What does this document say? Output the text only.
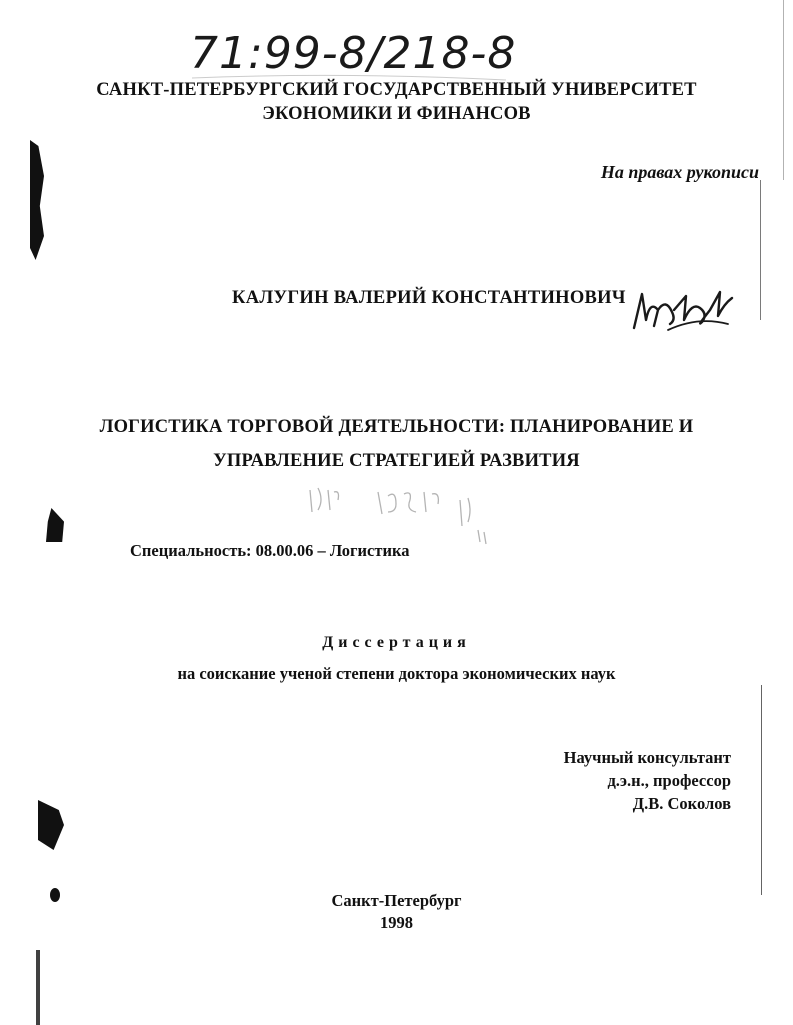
71:99-8/218-8
САНКТ-ПЕТЕРБУРГСКИЙ ГОСУДАРСТВЕННЫЙ УНИВЕРСИТЕТ
ЭКОНОМИКИ И ФИНАНСОВ
На правах рукописи
КАЛУГИН ВАЛЕРИЙ КОНСТАНТИНОВИЧ
ЛОГИСТИКА ТОРГОВОЙ ДЕЯТЕЛЬНОСТИ: ПЛАНИРОВАНИЕ И
УПРАВЛЕНИЕ СТРАТЕГИЕЙ РАЗВИТИЯ
Специальность: 08.00.06 – Логистика
Диссертация
на соискание ученой степени доктора экономических наук
Научный консультант
д.э.н., профессор
Д.В. Соколов
Санкт-Петербург
1998
